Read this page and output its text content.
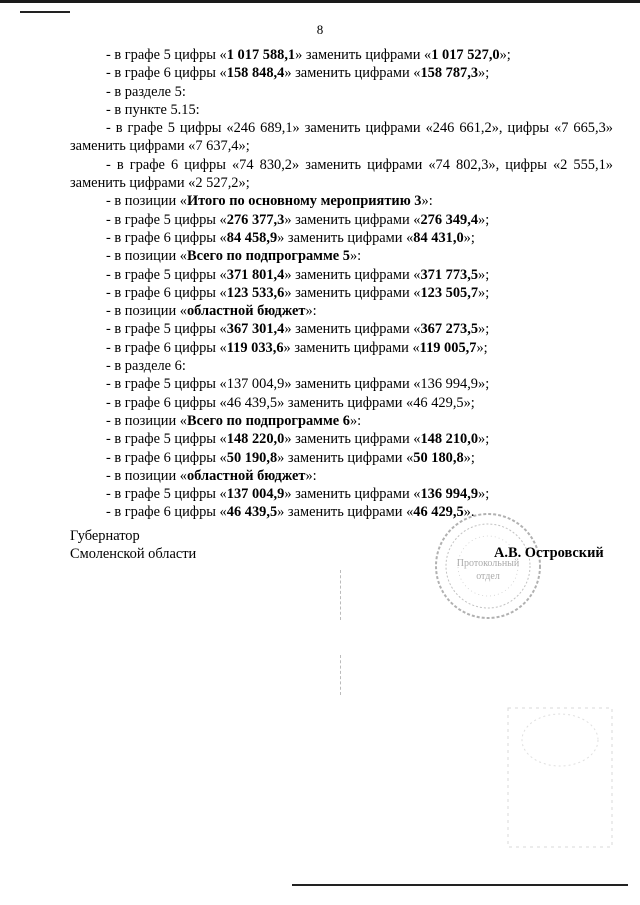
8
- в графе 5 цифры «1 017 588,1» заменить цифрами «1 017 527,0»;
- в графе 6 цифры «158 848,4» заменить цифрами «158 787,3»;
- в разделе 5:
- в пункте 5.15:
- в графе 5 цифры «246 689,1» заменить цифрами «246 661,2», цифры «7 665,3» заменить цифрами «7 637,4»;
- в графе 6 цифры «74 830,2» заменить цифрами «74 802,3», цифры «2 555,1» заменить цифрами «2 527,2»;
- в позиции «Итого по основному мероприятию 3»:
- в графе 5 цифры «276 377,3» заменить цифрами «276 349,4»;
- в графе 6 цифры «84 458,9» заменить цифрами «84 431,0»;
- в позиции «Всего по подпрограмме 5»:
- в графе 5 цифры «371 801,4» заменить цифрами «371 773,5»;
- в графе 6 цифры «123 533,6» заменить цифрами «123 505,7»;
- в позиции «областной бюджет»:
- в графе 5 цифры «367 301,4» заменить цифрами «367 273,5»;
- в графе 6 цифры «119 033,6» заменить цифрами «119 005,7»;
- в разделе 6:
- в графе 5 цифры «137 004,9» заменить цифрами «136 994,9»;
- в графе 6 цифры «46 439,5» заменить цифрами «46 429,5»;
- в позиции «Всего по подпрограмме 6»:
- в графе 5 цифры «148 220,0» заменить цифрами «148 210,0»;
- в графе 6 цифры «50 190,8» заменить цифрами «50 180,8»;
- в позиции «областной бюджет»:
- в графе 5 цифры «137 004,9» заменить цифрами «136 994,9»;
- в графе 6 цифры «46 439,5» заменить цифрами «46 429,5».
Губернатор
Смоленской области
Протокольный
отдел
А.В. Островский
